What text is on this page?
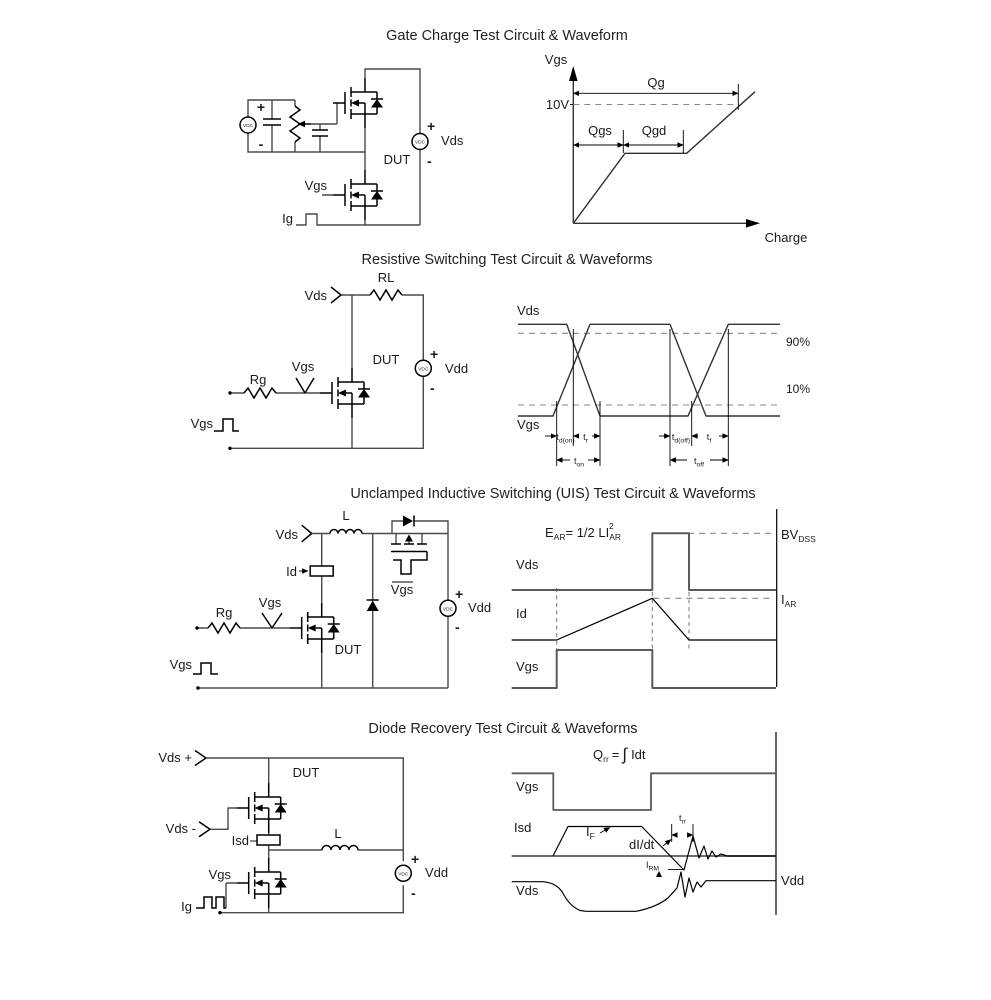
Gate Charge Test Circuit & Waveform
VDC
+
-	VDC
+
Vds
-
DUT
Vgs
Ig
Vgs
Charge
10V
Qg
Qgs Qgd
Resistive Switching Test Circuit & Waveforms
Vds
RL
VDC
+
Vdd
-
DUT
Rg
Vgs
Vgs
Vds
Vgs
90%
10%
$t_{d(on)}$ $t_r$
$t_{on}$
$t_{d(off)}$ $t_f$
$t_{off}$
Unclamped Inductive Switching (UIS) Test Circuit & Waveforms
Vds
L
Id
Rg
Vgs
DUT
Vgs
VDC
+
Vdd
-
Vgs
$E_{AR}= 1/2$ $LI_{AR}2$
Vds
Id
Vgs
$BV_{DSS}$
$I_{AR}$
Diode Recovery Test Circuit & Waveforms
Vds +
Vds -
DUT
Isd	L
Vgs
Ig
VDC
+
Vdd
-
$Q_{rr}$ = ∫ Idt
Vgs
Isd	$I_F$
dI/dt
$t_{rr}$
$I_{RM}$
Vds
Vdd
